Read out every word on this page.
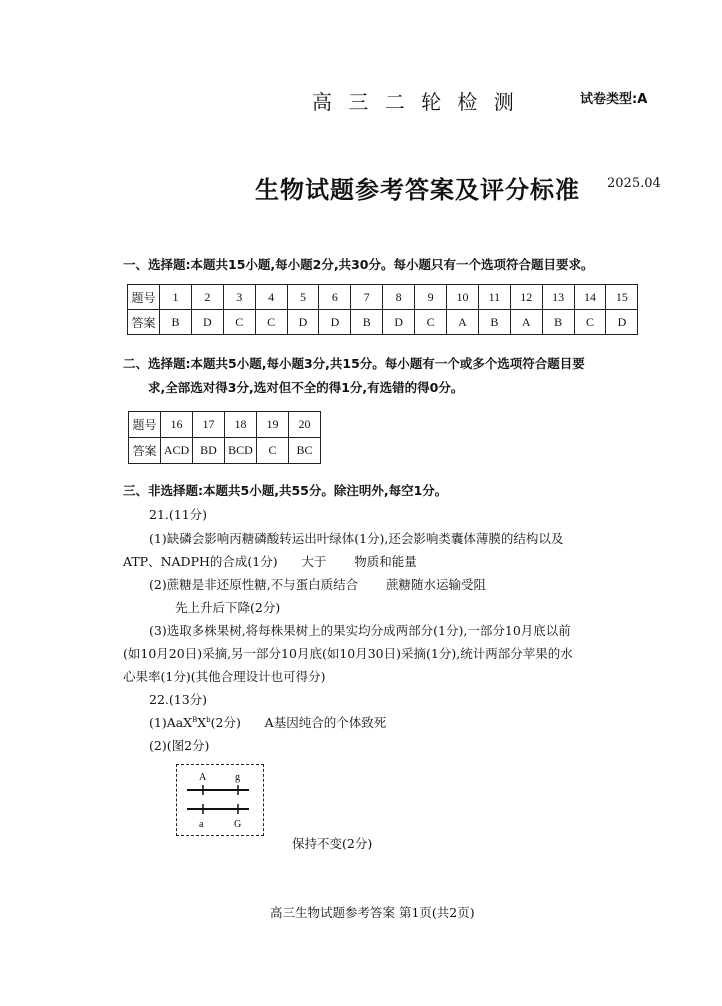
高 三 二 轮 检 测	试卷类型:A
生物试题参考答案及评分标准 2025.04
一、选择题:本题共15小题,每小题2分,共30分。每小题只有一个选项符合题目要求。
题号	1	2	3	4	5	6	7	8	9	10	11	12	13	14	15
答案	B	D	C	C	D	D	B	D	C	A	B	A	B	C	D
二、选择题:本题共5小题,每小题3分,共15分。每小题有一个或多个选项符合题目要
求,全部选对得3分,选对但不全的得1分,有选错的得0分。
题号	16	17	18	19	20
答案	ACD	BD	BCD	C	BC
三、非选择题:本题共5小题,共55分。除注明外,每空1分。
21.(11分)
(1)缺磷会影响丙糖磷酸转运出叶绿体(1分),还会影响类囊体薄膜的结构以及
ATP、NADPH的合成(1分)      大于       物质和能量
(2)蔗糖是非还原性糖,不与蛋白质结合       蔗糖随水运输受阻
先上升后下降(2分)
(3)选取多株果树,将每株果树上的果实均分成两部分(1分),一部分10月底以前
(如10月20日)采摘,另一部分10月底(如10月30日)采摘(1分),统计两部分苹果的水
心果率(1分)(其他合理设计也可得分)
22.(13分)
$(1)AaX^BX^b(2$分)      A基因纯合的个体致死
(2)(图2分)
A	g
a	G
保持不变(2分)
高三生物试题参考答案 第1页(共2页)
